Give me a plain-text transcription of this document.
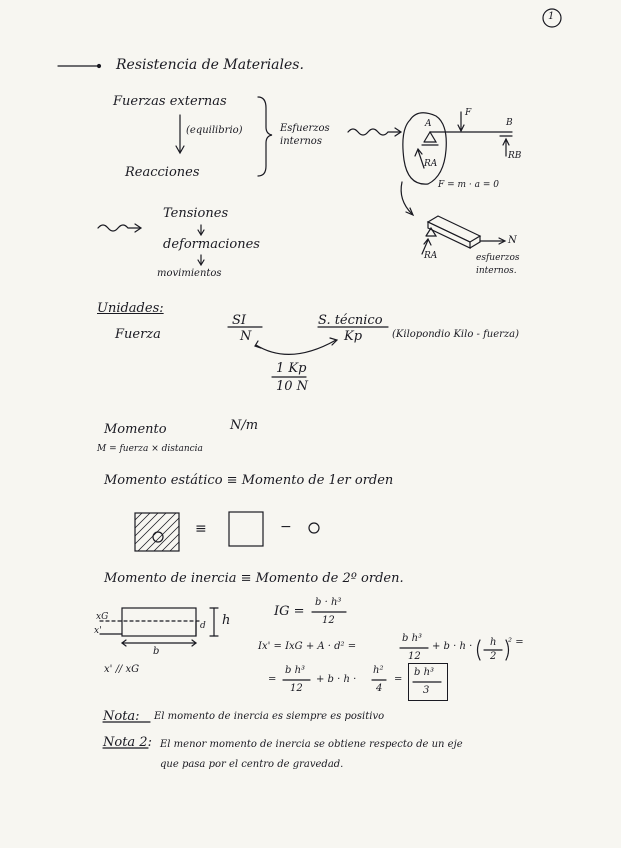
1
Resistencia de Materiales.
Fuerzas externas
(equilibrio)
Reacciones
Esfuerzos internos
A	B
F
RA
RB
F = m · a = 0
RA
N
esfuerzos internos.
Tensiones
deformaciones
movimientos
Unidades:
Fuerza
SI
N
S. técnico
Kp	(Kilopondio Kilo - fuerza)
1 Kp
10 N
Momento	N/m
M = fuerza × distancia
Momento estático ≡ Momento de 1er orden
≡	−
Momento de inercia ≡ Momento de 2º orden.
xG
x'	d h
b
x' // xG
IG =
b · h³
12
Ix' = IxG + A · d² =
b h³
12
+ b · h · h
2
² =
=
b h³
12
+ b · h ·
h²
4
=
b h³
3
Nota: El momento de inercia es siempre es positivo
Nota 2: El menor momento de inercia se obtiene respecto de un eje
que pasa por el centro de gravedad.
